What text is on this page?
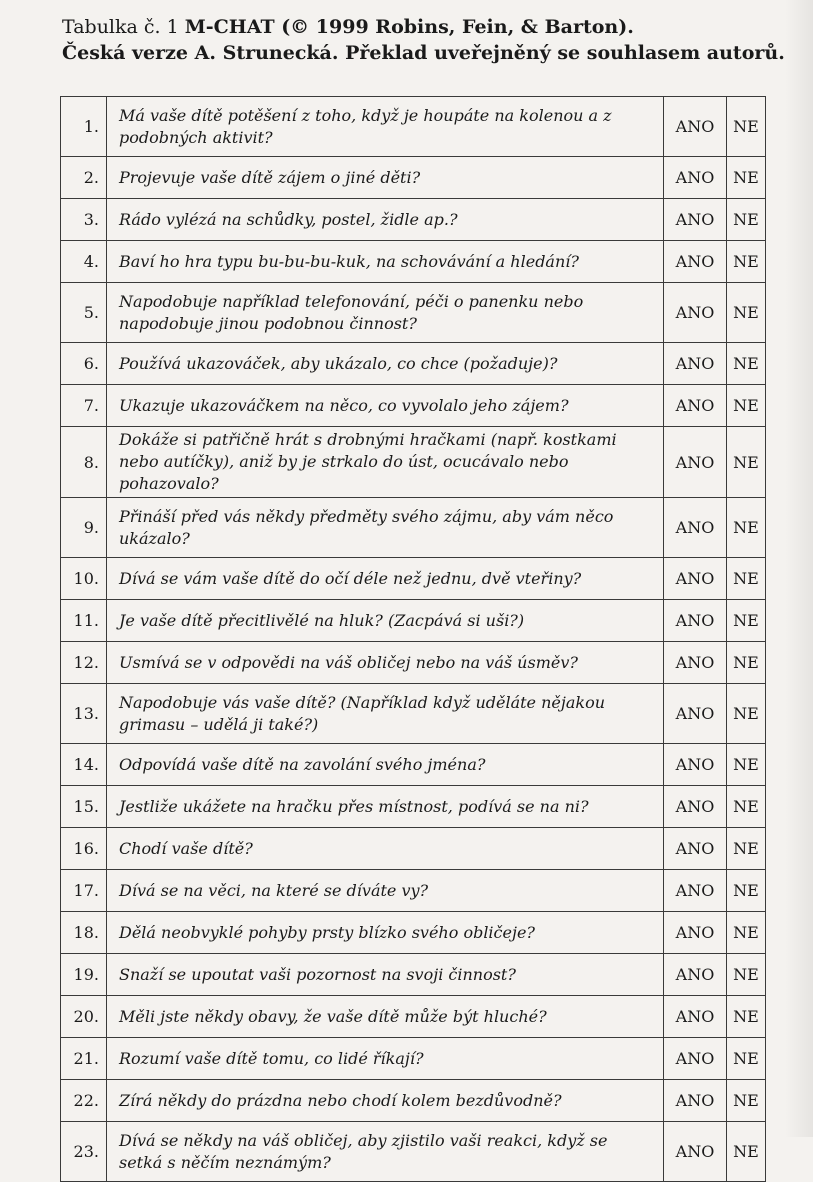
Tabulka č. 1 M-CHAT (© 1999 Robins, Fein, & Barton).
Česká verze A. Strunecká. Překlad uveřejněný se souhlasem autorů.
1.	Má vaše dítě potěšení z toho, když je houpáte na kolenou a z podobných aktivit?	ANO	NE
2.	Projevuje vaše dítě zájem o jiné děti?	ANO	NE
3.	Rádo vylézá na schůdky, postel, židle ap.?	ANO	NE
4.	Baví ho hra typu bu-bu-bu-kuk, na schovávání a hledání?	ANO	NE
5.	Napodobuje například telefonování, péči o panenku nebo napodobuje jinou podobnou činnost?	ANO	NE
6.	Používá ukazováček, aby ukázalo, co chce (požaduje)?	ANO	NE
7.	Ukazuje ukazováčkem na něco, co vyvolalo jeho zájem?	ANO	NE
8.	Dokáže si patřičně hrát s drobnými hračkami (např. kostkami nebo autíčky), aniž by je strkalo do úst, ocucávalo nebo pohazovalo?	ANO	NE
9.	Přináší před vás někdy předměty svého zájmu, aby vám něco ukázalo?	ANO	NE
10.	Dívá se vám vaše dítě do očí déle než jednu, dvě vteřiny?	ANO	NE
11.	Je vaše dítě přecitlivělé na hluk? (Zacpává si uši?)	ANO	NE
12.	Usmívá se v odpovědi na váš obličej nebo na váš úsměv?	ANO	NE
13.	Napodobuje vás vaše dítě? (Například když uděláte nějakou grimasu – udělá ji také?)	ANO	NE
14.	Odpovídá vaše dítě na zavolání svého jména?	ANO	NE
15.	Jestliže ukážete na hračku přes místnost, podívá se na ni?	ANO	NE
16.	Chodí vaše dítě?	ANO	NE
17.	Dívá se na věci, na které se díváte vy?	ANO	NE
18.	Dělá neobvyklé pohyby prsty blízko svého obličeje?	ANO	NE
19.	Snaží se upoutat vaši pozornost na svoji činnost?	ANO	NE
20.	Měli jste někdy obavy, že vaše dítě může být hluché?	ANO	NE
21.	Rozumí vaše dítě tomu, co lidé říkají?	ANO	NE
22.	Zírá někdy do prázdna nebo chodí kolem bezdůvodně?	ANO	NE
23.	Dívá se někdy na váš obličej, aby zjistilo vaši reakci, když se setká s něčím neznámým?	ANO	NE
